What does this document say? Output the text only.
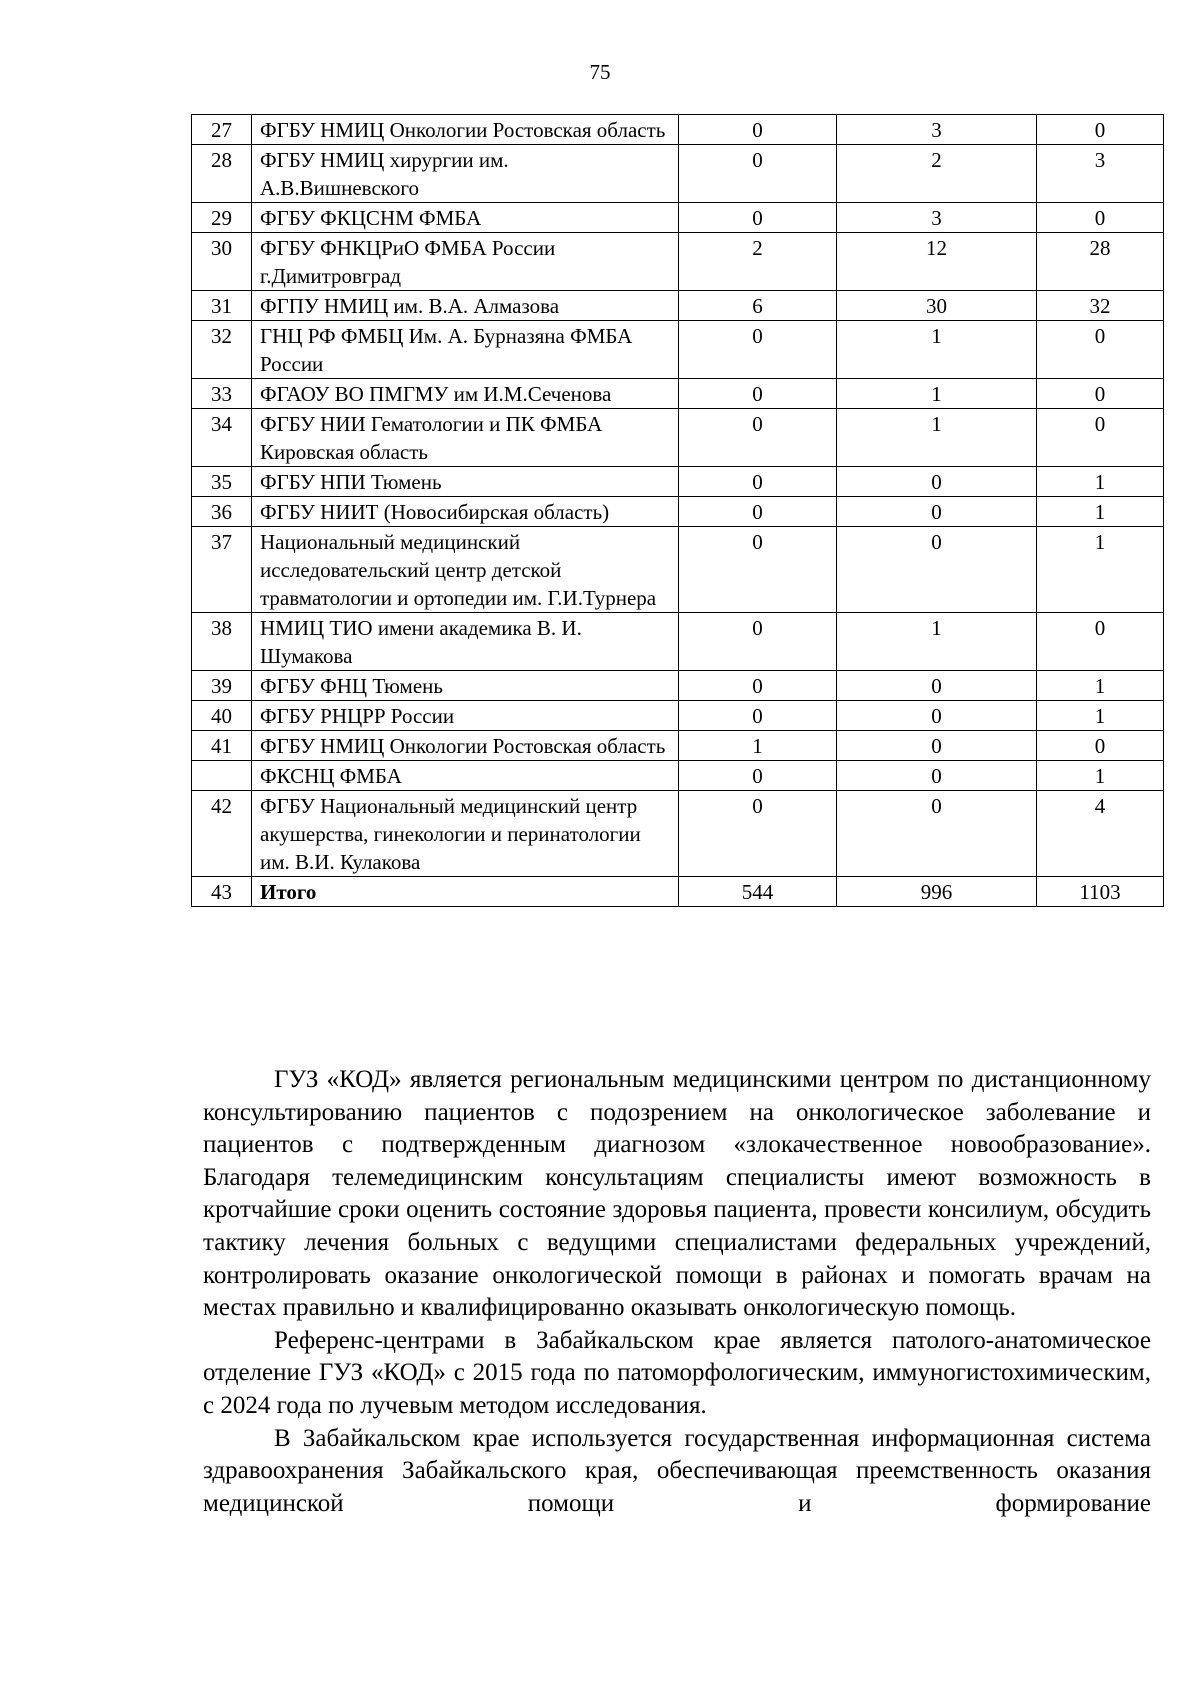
75
27	ФГБУ НМИЦ Онкологии Ростовская область	0	3	0
28	ФГБУ НМИЦ хирургии им. А.В.Вишневского	0	2	3
29	ФГБУ ФКЦСНМ ФМБА	0	3	0
30	ФГБУ ФНКЦРиО ФМБА России г.Димитровград	2	12	28
31	ФГПУ НМИЦ им. В.А. Алмазова	6	30	32
32	ГНЦ РФ ФМБЦ Им. А. Бурназяна ФМБА России	0	1	0
33	ФГАОУ ВО ПМГМУ им И.М.Сеченова	0	1	0
34	ФГБУ НИИ Гематологии и ПК ФМБА Кировская область	0	1	0
35	ФГБУ НПИ Тюмень	0	0	1
36	ФГБУ НИИТ (Новосибирская область)	0	0	1
37	Национальный медицинский исследовательский центр детской травматологии и ортопедии им. Г.И.Турнера	0	0	1
38	НМИЦ ТИО имени академика В. И. Шумакова	0	1	0
39	ФГБУ ФНЦ Тюмень	0	0	1
40	ФГБУ РНЦРР России	0	0	1
41	ФГБУ НМИЦ Онкологии Ростовская область	1	0	0
	ФКСНЦ ФМБА	0	0	1
42	ФГБУ Национальный медицинский центр акушерства, гинекологии и перинатологии им. В.И. Кулакова	0	0	4
43	Итого	544	996	1103

ГУЗ «КОД» является региональным медицинскими центром по дистанционному консультированию пациентов с подозрением на онкологическое заболевание и пациентов с подтвержденным диагнозом «злокачественное новообразование». Благодаря телемедицинским консультациям специалисты имеют возможность в кротчайшие сроки оценить состояние здоровья пациента, провести консилиум, обсудить тактику лечения больных с ведущими специалистами федеральных учреждений, контролировать оказание онкологической помощи в районах и помогать врачам на местах правильно и квалифицированно оказывать онкологическую помощь.

Референс-центрами в Забайкальском крае является патолого-анатомическое отделение ГУЗ «КОД» с 2015 года по патоморфологическим, иммуногистохимическим, с 2024 года по лучевым методом исследования.

В Забайкальском крае используется государственная информационная система здравоохранения Забайкальского края, обеспечивающая преемственность оказания медицинской помощи и формирование
